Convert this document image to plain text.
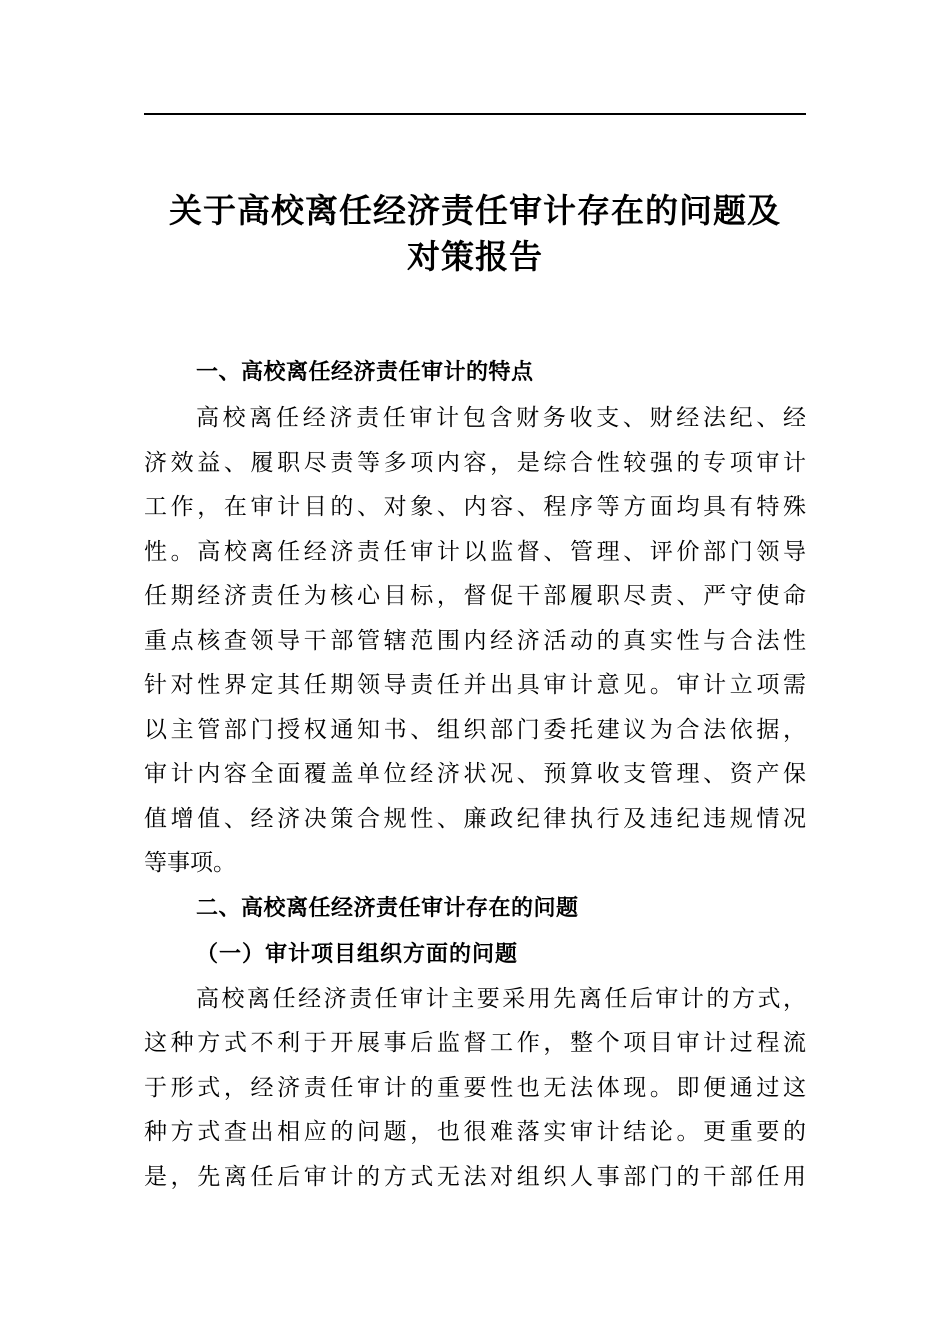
关于高校离任经济责任审计存在的问题及
对策报告
一、高校离任经济责任审计的特点

高校离任经济责任审计包含财务收支、财经法纪、经
济效益、履职尽责等多项内容，是综合性较强的专项审计
工作，在审计目的、对象、内容、程序等方面均具有特殊
性。高校离任经济责任审计以监督、管理、评价部门领导
任期经济责任为核心目标，督促干部履职尽责、严守使命
重点核查领导干部管辖范围内经济活动的真实性与合法性
针对性界定其任期领导责任并出具审计意见。审计立项需
以主管部门授权通知书、组织部门委托建议为合法依据，
审计内容全面覆盖单位经济状况、预算收支管理、资产保
值增值、经济决策合规性、廉政纪律执行及违纪违规情况
等事项。

二、高校离任经济责任审计存在的问题
（一）审计项目组织方面的问题

高校离任经济责任审计主要采用先离任后审计的方式，
这种方式不利于开展事后监督工作，整个项目审计过程流
于形式，经济责任审计的重要性也无法体现。即便通过这
种方式查出相应的问题，也很难落实审计结论。更重要的
是，先离任后审计的方式无法对组织人事部门的干部任用
